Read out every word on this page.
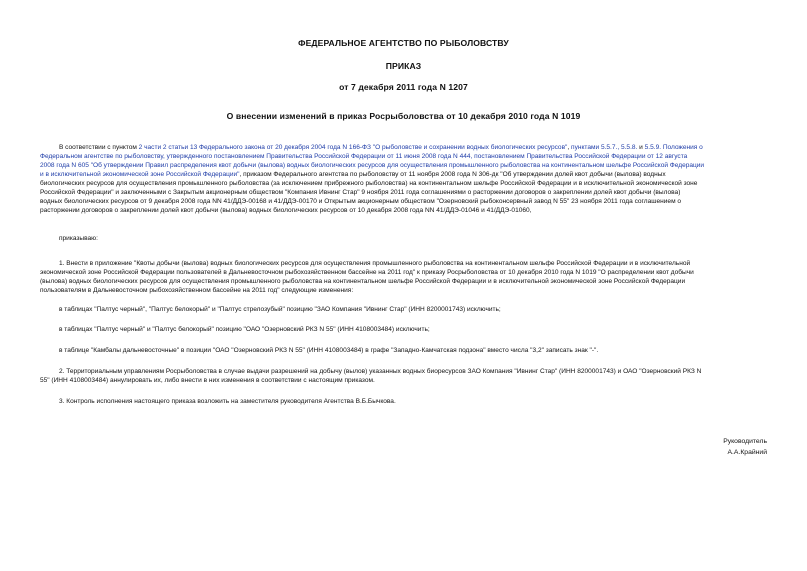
ФЕДЕРАЛЬНОЕ АГЕНТСТВО ПО РЫБОЛОВСТВУ
ПРИКАЗ
от 7 декабря 2011 года N 1207
О внесении изменений в приказ Росрыболовства от 10 декабря 2010 года N 1019
В соответствии с пунктом 2 части 2 статьи 13 Федерального закона от 20 декабря 2004 года N 166-ФЗ "О рыболовстве и сохранении водных биологических ресурсов", пунктами 5.5.7., 5.5.8. и 5.5.9. Положения о
Федеральном агентстве по рыболовству, утвержденного постановлением Правительства Российской Федерации от 11 июня 2008 года N 444, постановлением Правительства Российской Федерации от 12 августа
2008 года N 605 "Об утверждении Правил распределения квот добычи (вылова) водных биологических ресурсов для осуществления промышленного рыболовства на континентальном шельфе Российской Федерации
и в исключительной экономической зоне Российской Федерации", приказом Федерального агентства по рыболовству от 11 ноября 2008 года N 306-дк "Об утверждении долей квот добычи (вылова) водных
биологических ресурсов для осуществления промышленного рыболовства (за исключением прибрежного рыболовства) на континентальном шельфе Российской Федерации и в исключительной экономической зоне
Российской Федерации" и заключенными с Закрытым акционерным обществом "Компания Ивнинг Стар" 9 ноября 2011 года соглашениями о расторжении договоров о закреплении долей квот добычи (вылова)
водных биологических ресурсов от 9 декабря 2008 года NN 41/ДДЭ-00168 и 41/ДДЭ-00170 и Открытым акционерным обществом "Озерновский рыбоконсервный завод N 55" 23 ноября 2011 года соглашением о
расторжении договоров о закреплении долей квот добычи (вылова) водных биологических ресурсов от 10 декабря 2008 года NN 41/ДДЭ-01046 и 41/ДДЭ-01060,
приказываю:
1. Внести в приложение "Квоты добычи (вылова) водных биологических ресурсов для осуществления промышленного рыболовства на континентальном шельфе Российской Федерации и в исключительной
экономической зоне Российской Федерации пользователей в Дальневосточном рыбохозяйственном бассейне на 2011 год" к приказу Росрыболовства от 10 декабря 2010 года N 1019 "О распределении квот добычи
(вылова) водных биологических ресурсов для осуществления промышленного рыболовства на континентальном шельфе Российской Федерации и в исключительной экономической зоне Российской Федерации
пользователям в Дальневосточном рыбохозяйственном бассейне на 2011 год" следующие изменения:
в таблицах "Палтус черный", "Палтус белокорый" и "Палтус стрелозубый" позицию "ЗАО Компания "Ивнинг Стар" (ИНН 8200001743) исключить;
в таблицах "Палтус черный" и "Палтус белокорый" позицию "ОАО "Озерновский РКЗ N 55" (ИНН 4108003484) исключить;
в таблице "Камбалы дальневосточные" в позиции "ОАО "Озерновский РКЗ N 55" (ИНН 4108003484) в графе "Западно-Камчатская подзона" вместо числа "3,2" записать знак "-".
2. Территориальным управлениям Росрыболовства в случае выдачи разрешений на добычу (вылов) указанных водных биоресурсов ЗАО Компания "Ивнинг Стар" (ИНН 8200001743) и ОАО "Озерновский РКЗ N
55" (ИНН 4108003484) аннулировать их, либо внести в них изменения в соответствии с настоящим приказом.
3. Контроль исполнения настоящего приказа возложить на заместителя руководителя Агентства В.Б.Бычкова.
Руководитель
А.А.Крайний
